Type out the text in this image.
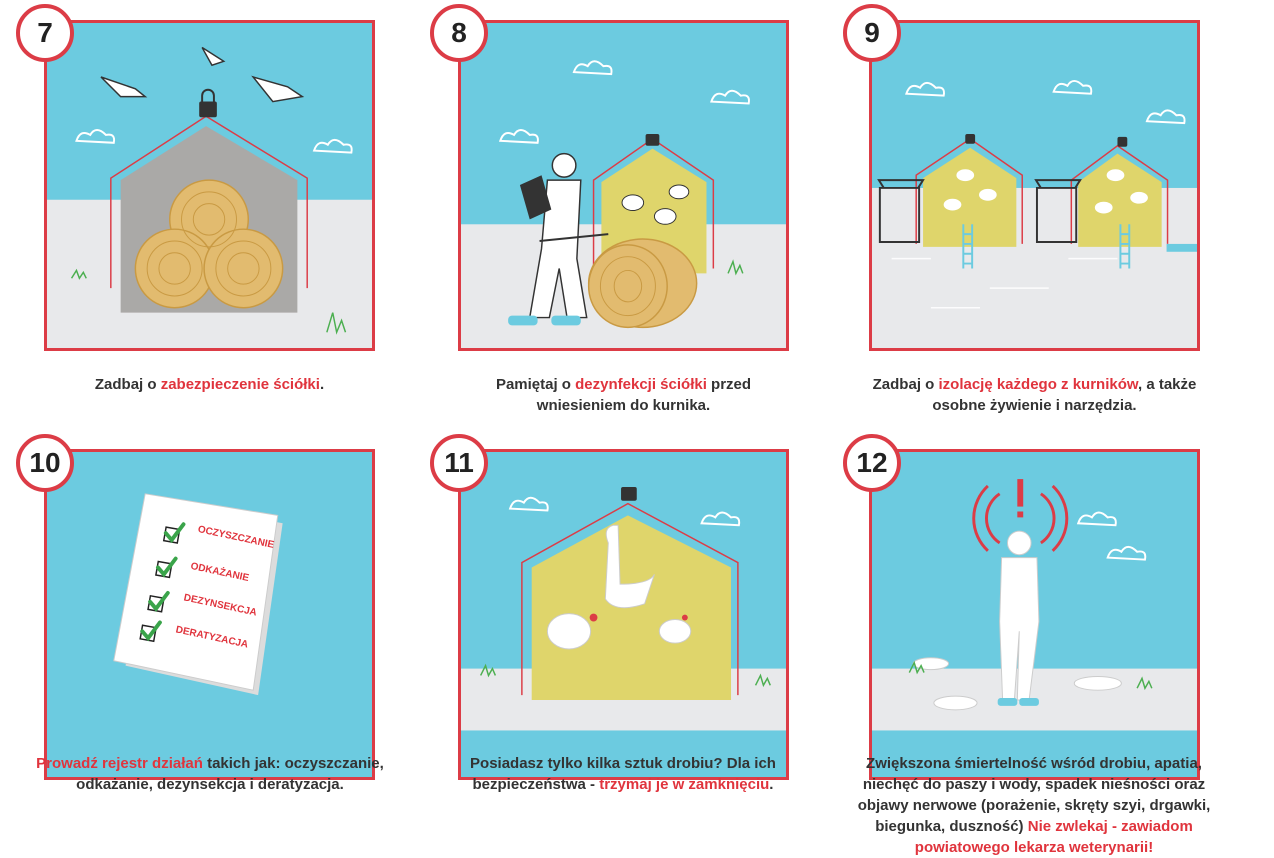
7
Zadbaj o zabezpieczenie ściółki.
8
Pamiętaj o dezynfekcji ściółki przed wniesieniem do kurnika.
9
Zadbaj o izolację każdego z kurników, a także osobne żywienie i narzędzia.
OCZYSZCZANIE
ODKAŻANIE
DEZYNSEKCJA
DERATYZACJA
10
Prowadź rejestr działań takich jak: oczyszczanie, odkażanie, dezynsekcja i deratyzacja.
11
Posiadasz tylko kilka sztuk drobiu? Dla ich bezpieczeństwa - trzymaj je w zamknięciu.
12
Zwiększona śmiertelność wśród drobiu, apatia, niechęć do paszy i wody, spadek nieśności oraz objawy nerwowe (porażenie, skręty szyi, drgawki, biegunka, duszność) Nie zwlekaj - zawiadom powiatowego lekarza weterynarii!
